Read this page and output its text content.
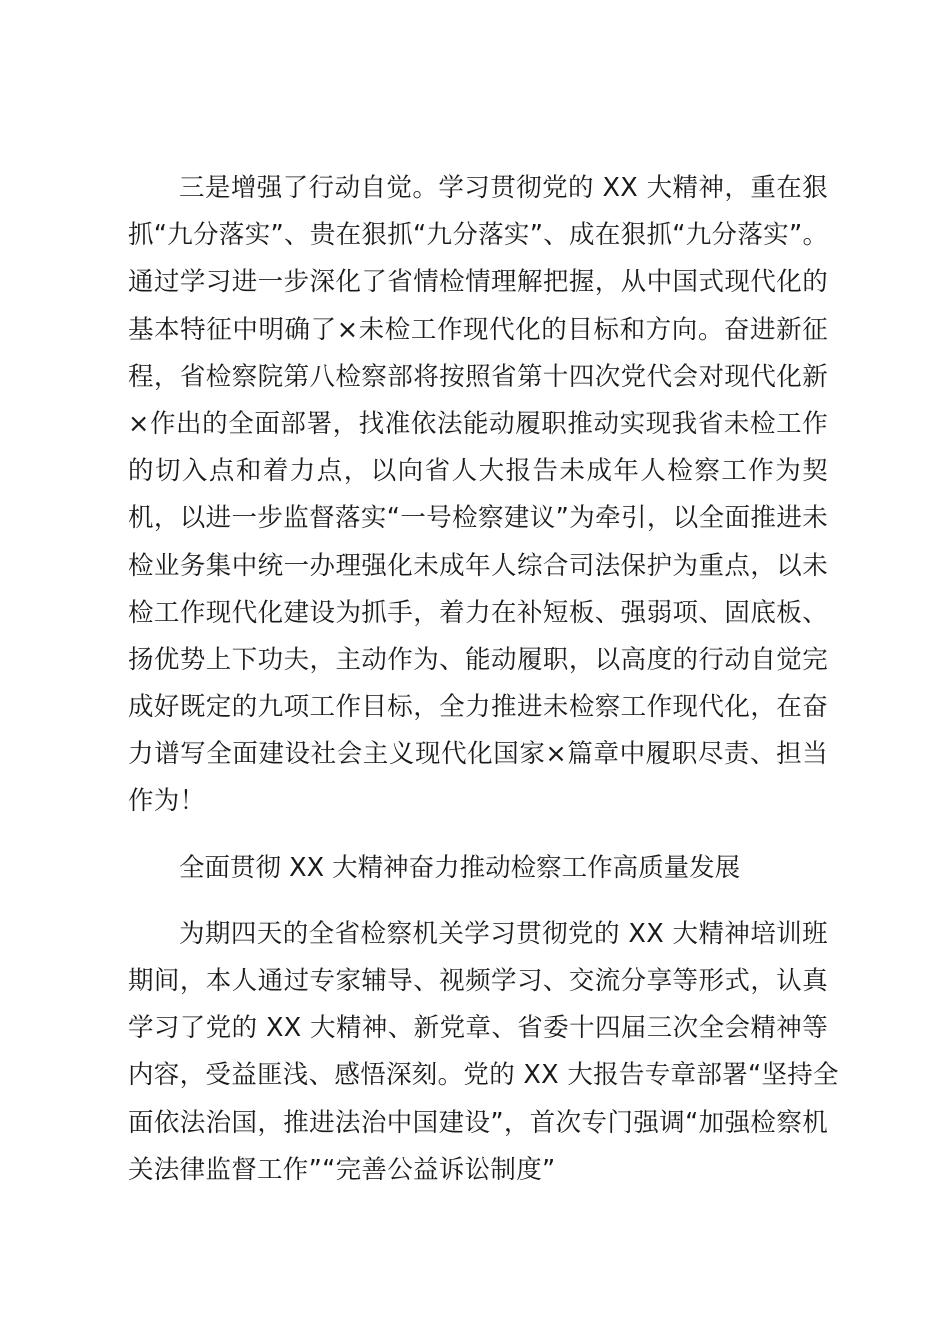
三是增强了行动自觉。学习贯彻党的 XX 大精神，重在狠
抓“九分落实”、贵在狠抓“九分落实”、成在狠抓“九分落实”。
通过学习进一步深化了省情检情理解把握，从中国式现代化的
基本特征中明确了×未检工作现代化的目标和方向。奋进新征
程，省检察院第八检察部将按照省第十四次党代会对现代化新
×作出的全面部署，找准依法能动履职推动实现我省未检工作
的切入点和着力点，以向省人大报告未成年人检察工作为契
机，以进一步监督落实“一号检察建议”为牵引，以全面推进未
检业务集中统一办理强化未成年人综合司法保护为重点，以未
检工作现代化建设为抓手，着力在补短板、强弱项、固底板、
扬优势上下功夫，主动作为、能动履职，以高度的行动自觉完
成好既定的九项工作目标，全力推进未检察工作现代化，在奋
力谱写全面建设社会主义现代化国家×篇章中履职尽责、担当
作为！
全面贯彻 XX 大精神奋力推动检察工作高质量发展
为期四天的全省检察机关学习贯彻党的 XX 大精神培训班
期间，本人通过专家辅导、视频学习、交流分享等形式，认真
学习了党的 XX 大精神、新党章、省委十四届三次全会精神等
内容，受益匪浅、感悟深刻。党的 XX 大报告专章部署“坚持全
面依法治国，推进法治中国建设”，首次专门强调“加强检察机
关法律监督工作”“完善公益诉讼制度”
